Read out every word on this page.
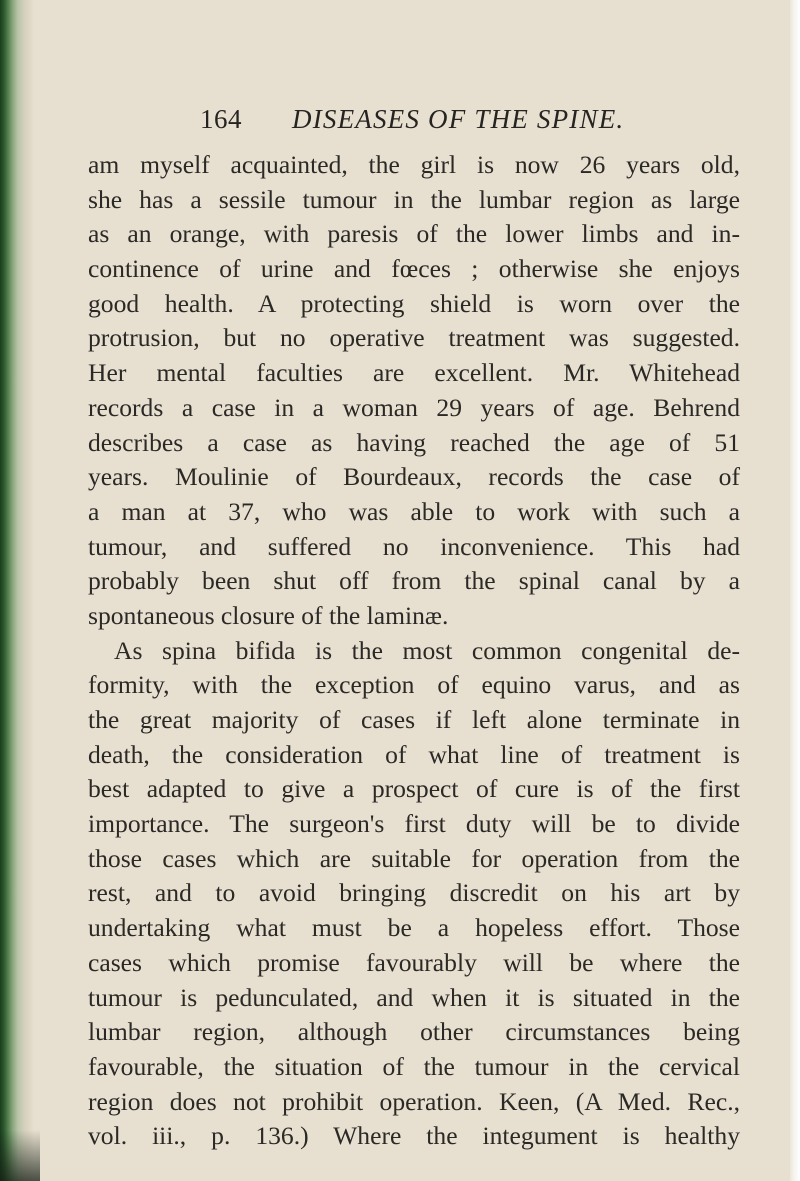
164 DISEASES OF THE SPINE.
am myself acquainted, the girl is now 26 years old,
she has a sessile tumour in the lumbar region as large
as an orange, with paresis of the lower limbs and in-
continence of urine and fœces ; otherwise she enjoys
good health. A protecting shield is worn over the
protrusion, but no operative treatment was suggested.
Her mental faculties are excellent. Mr. Whitehead
records a case in a woman 29 years of age. Behrend
describes a case as having reached the age of 51
years. Moulinie of Bourdeaux, records the case of
a man at 37, who was able to work with such a
tumour, and suffered no inconvenience. This had
probably been shut off from the spinal canal by a
spontaneous closure of the laminæ.
As spina bifida is the most common congenital de-
formity, with the exception of equino varus, and as
the great majority of cases if left alone terminate in
death, the consideration of what line of treatment is
best adapted to give a prospect of cure is of the first
importance. The surgeon's first duty will be to divide
those cases which are suitable for operation from the
rest, and to avoid bringing discredit on his art by
undertaking what must be a hopeless effort. Those
cases which promise favourably will be where the
tumour is pedunculated, and when it is situated in the
lumbar region, although other circumstances being
favourable, the situation of the tumour in the cervical
region does not prohibit operation. Keen, (A Med. Rec.,
vol. iii., p. 136.) Where the integument is healthy
